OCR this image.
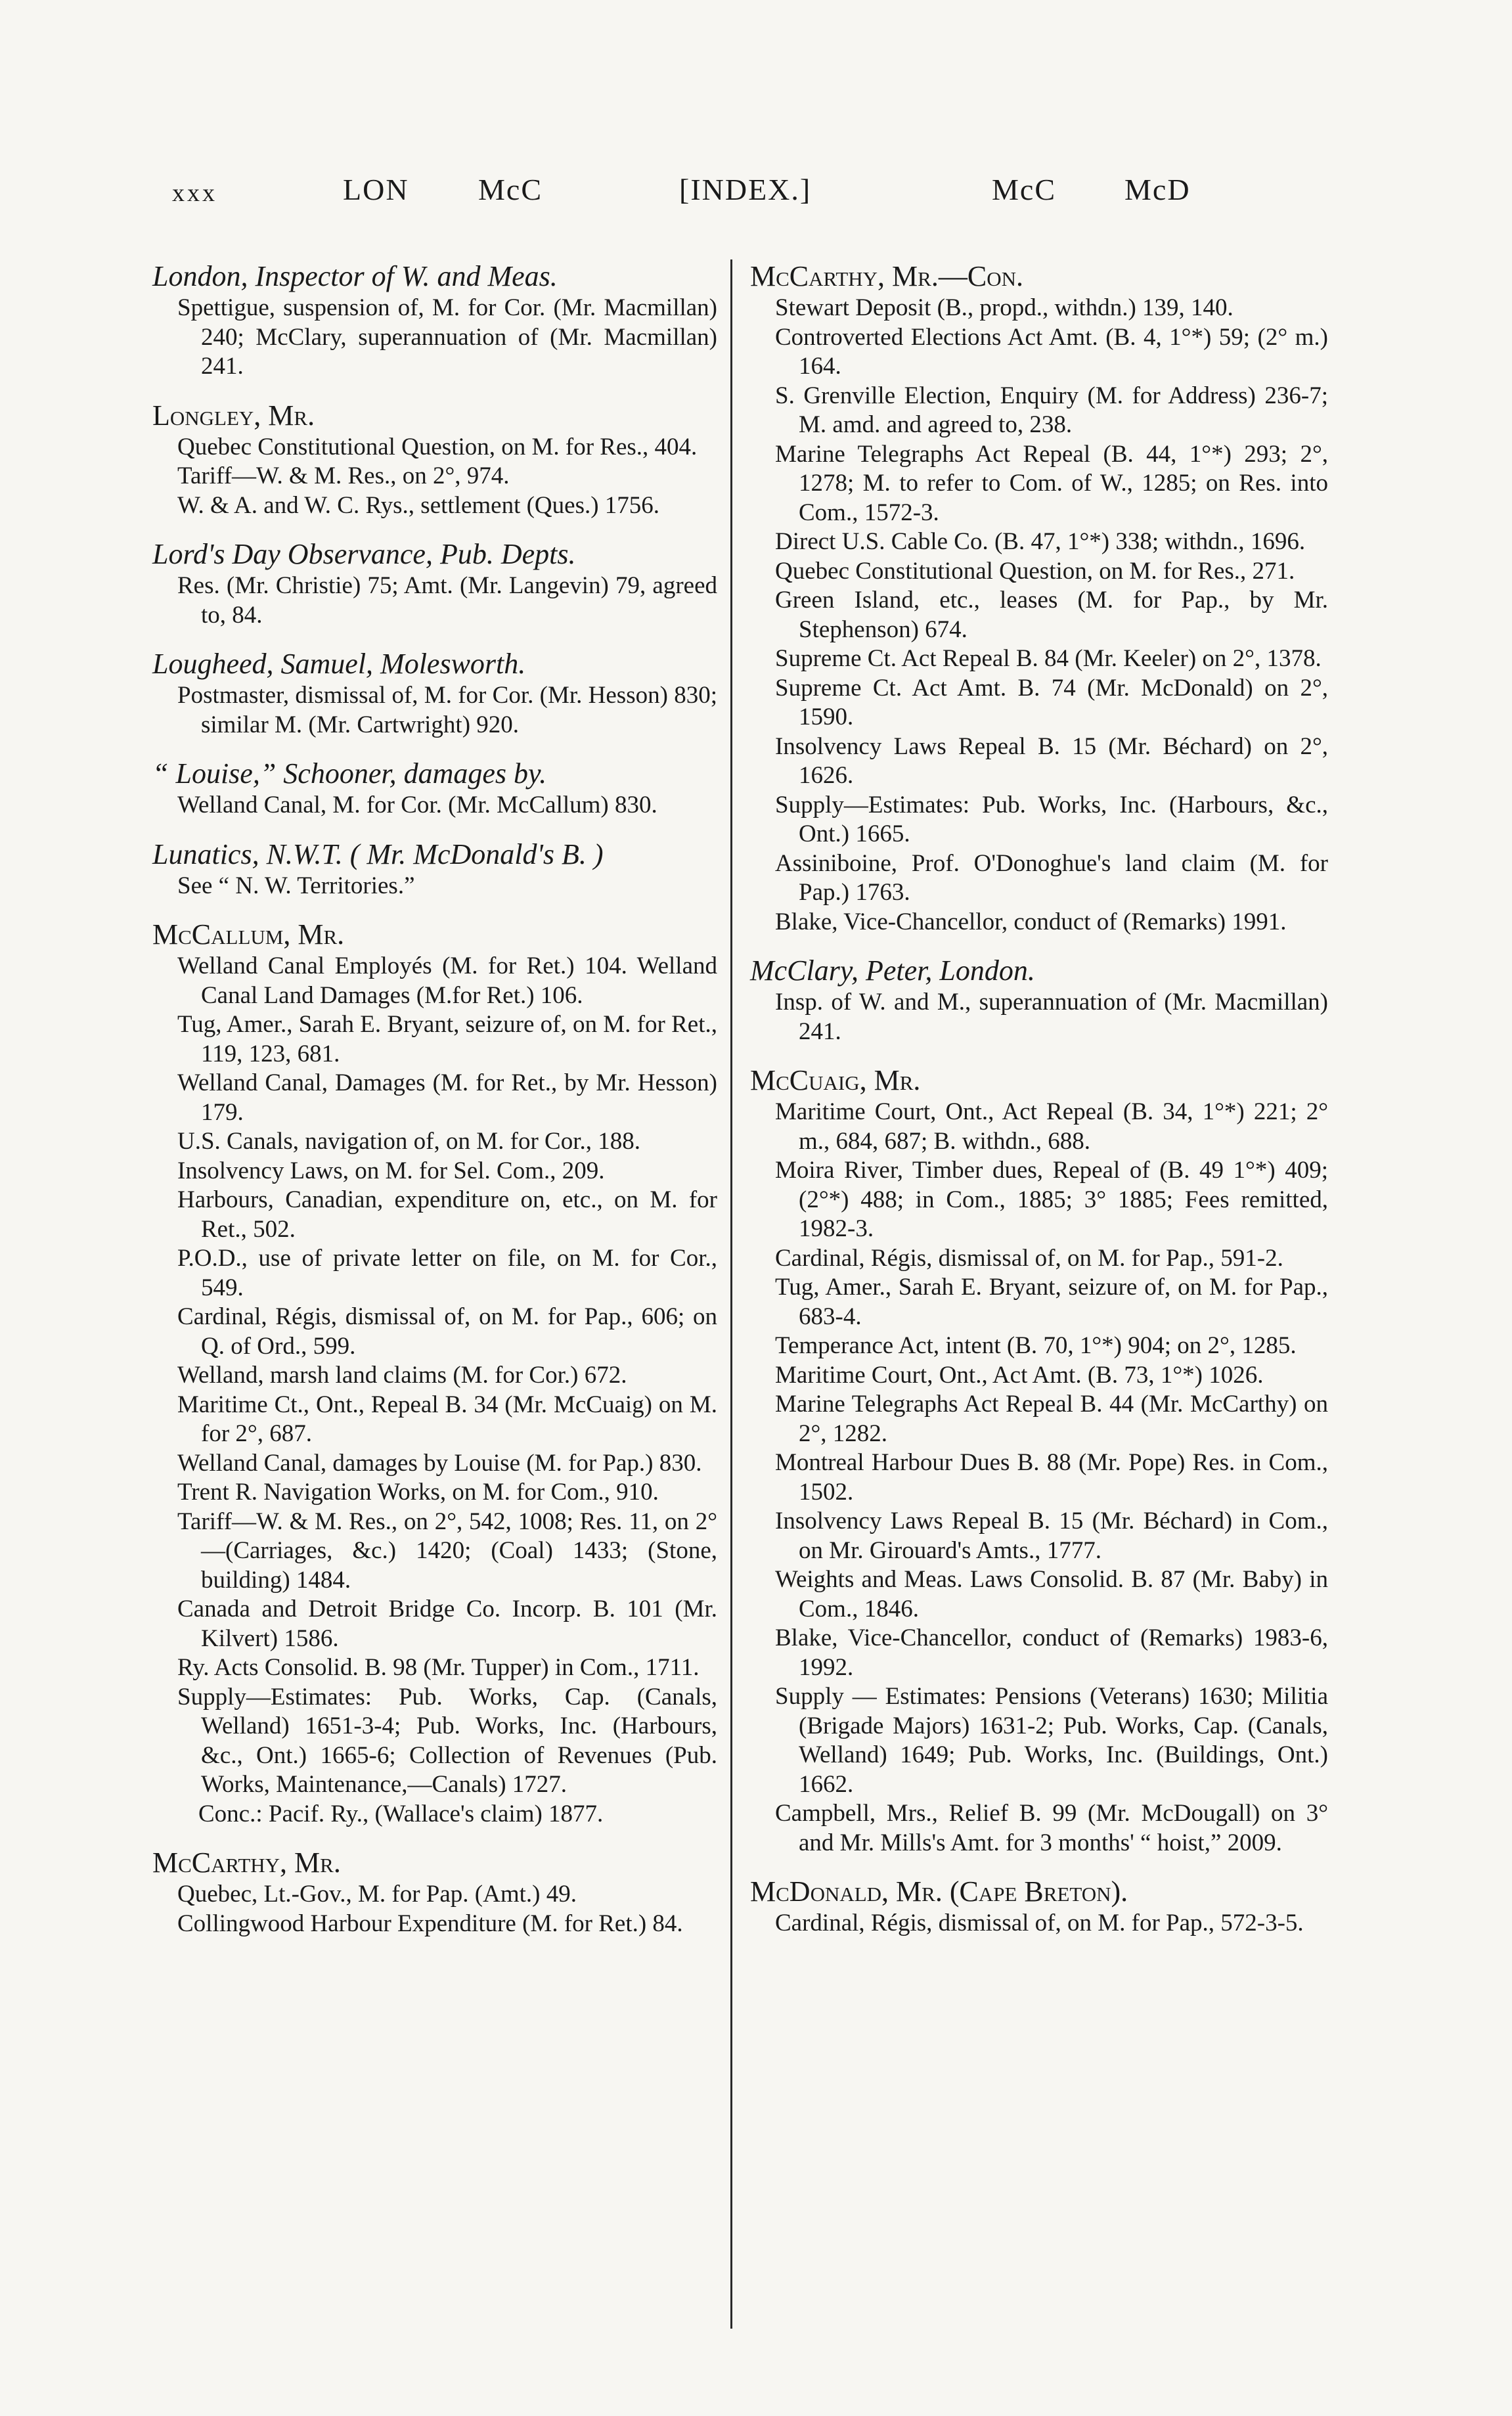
xxx	LON McC	[INDEX.]	McC McD
London, Inspector of W. and Meas.
Spettigue, suspension of, M. for Cor. (Mr. Macmillan) 240; McClary, superannuation of (Mr. Macmillan) 241.
Longley, Mr.
Quebec Constitutional Question, on M. for Res., 404.
Tariff—W. & M. Res., on 2°, 974.
W. & A. and W. C. Rys., settlement (Ques.) 1756.
Lord's Day Observance, Pub. Depts.
Res. (Mr. Christie) 75; Amt. (Mr. Langevin) 79, agreed to, 84.
Lougheed, Samuel, Molesworth.
Postmaster, dismissal of, M. for Cor. (Mr. Hesson) 830; similar M. (Mr. Cartwright) 920.
“ Louise,” Schooner, damages by.
Welland Canal, M. for Cor. (Mr. McCallum) 830.
Lunatics, N.W.T. ( Mr. McDonald's B. )
See “ N. W. Territories.”
McCallum, Mr.
Welland Canal Employés (M. for Ret.) 104. Welland Canal Land Damages (M.for Ret.) 106.
Tug, Amer., Sarah E. Bryant, seizure of, on M. for Ret., 119, 123, 681.
Welland Canal, Damages (M. for Ret., by Mr. Hesson) 179.
U.S. Canals, navigation of, on M. for Cor., 188.
Insolvency Laws, on M. for Sel. Com., 209.
Harbours, Canadian, expenditure on, etc., on M. for Ret., 502.
P.O.D., use of private letter on file, on M. for Cor., 549.
Cardinal, Régis, dismissal of, on M. for Pap., 606; on Q. of Ord., 599.
Welland, marsh land claims (M. for Cor.) 672.
Maritime Ct., Ont., Repeal B. 34 (Mr. McCuaig) on M. for 2°, 687.
Welland Canal, damages by Louise (M. for Pap.) 830.
Trent R. Navigation Works, on M. for Com., 910.
Tariff—W. & M. Res., on 2°, 542, 1008; Res. 11, on 2°—(Carriages, &c.) 1420; (Coal) 1433; (Stone, building) 1484.
Canada and Detroit Bridge Co. Incorp. B. 101 (Mr. Kilvert) 1586.
Ry. Acts Consolid. B. 98 (Mr. Tupper) in Com., 1711.
Supply—Estimates: Pub. Works, Cap. (Canals, Welland) 1651-3-4; Pub. Works, Inc. (Harbours, &c., Ont.) 1665-6; Collection of Revenues (Pub. Works, Maintenance,—Canals) 1727.
Conc.: Pacif. Ry., (Wallace's claim) 1877.
McCarthy, Mr.
Quebec, Lt.-Gov., M. for Pap. (Amt.) 49.
Collingwood Harbour Expenditure (M. for Ret.) 84.
McCarthy, Mr.—Con.
Stewart Deposit (B., propd., withdn.) 139, 140.
Controverted Elections Act Amt. (B. 4, 1°*) 59; (2° m.) 164.
S. Grenville Election, Enquiry (M. for Address) 236-7; M. amd. and agreed to, 238.
Marine Telegraphs Act Repeal (B. 44, 1°*) 293; 2°, 1278; M. to refer to Com. of W., 1285; on Res. into Com., 1572-3.
Direct U.S. Cable Co. (B. 47, 1°*) 338; withdn., 1696.
Quebec Constitutional Question, on M. for Res., 271.
Green Island, etc., leases (M. for Pap., by Mr. Stephenson) 674.
Supreme Ct. Act Repeal B. 84 (Mr. Keeler) on 2°, 1378.
Supreme Ct. Act Amt. B. 74 (Mr. McDonald) on 2°, 1590.
Insolvency Laws Repeal B. 15 (Mr. Béchard) on 2°, 1626.
Supply—Estimates: Pub. Works, Inc. (Harbours, &c., Ont.) 1665.
Assiniboine, Prof. O'Donoghue's land claim (M. for Pap.) 1763.
Blake, Vice-Chancellor, conduct of (Remarks) 1991.
McClary, Peter, London.
Insp. of W. and M., superannuation of (Mr. Macmillan) 241.
McCuaig, Mr.
Maritime Court, Ont., Act Repeal (B. 34, 1°*) 221; 2° m., 684, 687; B. withdn., 688.
Moira River, Timber dues, Repeal of (B. 49 1°*) 409; (2°*) 488; in Com., 1885; 3° 1885; Fees remitted, 1982-3.
Cardinal, Régis, dismissal of, on M. for Pap., 591-2.
Tug, Amer., Sarah E. Bryant, seizure of, on M. for Pap., 683-4.
Temperance Act, intent (B. 70, 1°*) 904; on 2°, 1285.
Maritime Court, Ont., Act Amt. (B. 73, 1°*) 1026.
Marine Telegraphs Act Repeal B. 44 (Mr. McCarthy) on 2°, 1282.
Montreal Harbour Dues B. 88 (Mr. Pope) Res. in Com., 1502.
Insolvency Laws Repeal B. 15 (Mr. Béchard) in Com., on Mr. Girouard's Amts., 1777.
Weights and Meas. Laws Consolid. B. 87 (Mr. Baby) in Com., 1846.
Blake, Vice-Chancellor, conduct of (Remarks) 1983-6, 1992.
Supply — Estimates: Pensions (Veterans) 1630; Militia (Brigade Majors) 1631-2; Pub. Works, Cap. (Canals, Welland) 1649; Pub. Works, Inc. (Buildings, Ont.) 1662.
Campbell, Mrs., Relief B. 99 (Mr. McDougall) on 3° and Mr. Mills's Amt. for 3 months' “ hoist,” 2009.
McDonald, Mr. (Cape Breton).
Cardinal, Régis, dismissal of, on M. for Pap., 572-3-5.
